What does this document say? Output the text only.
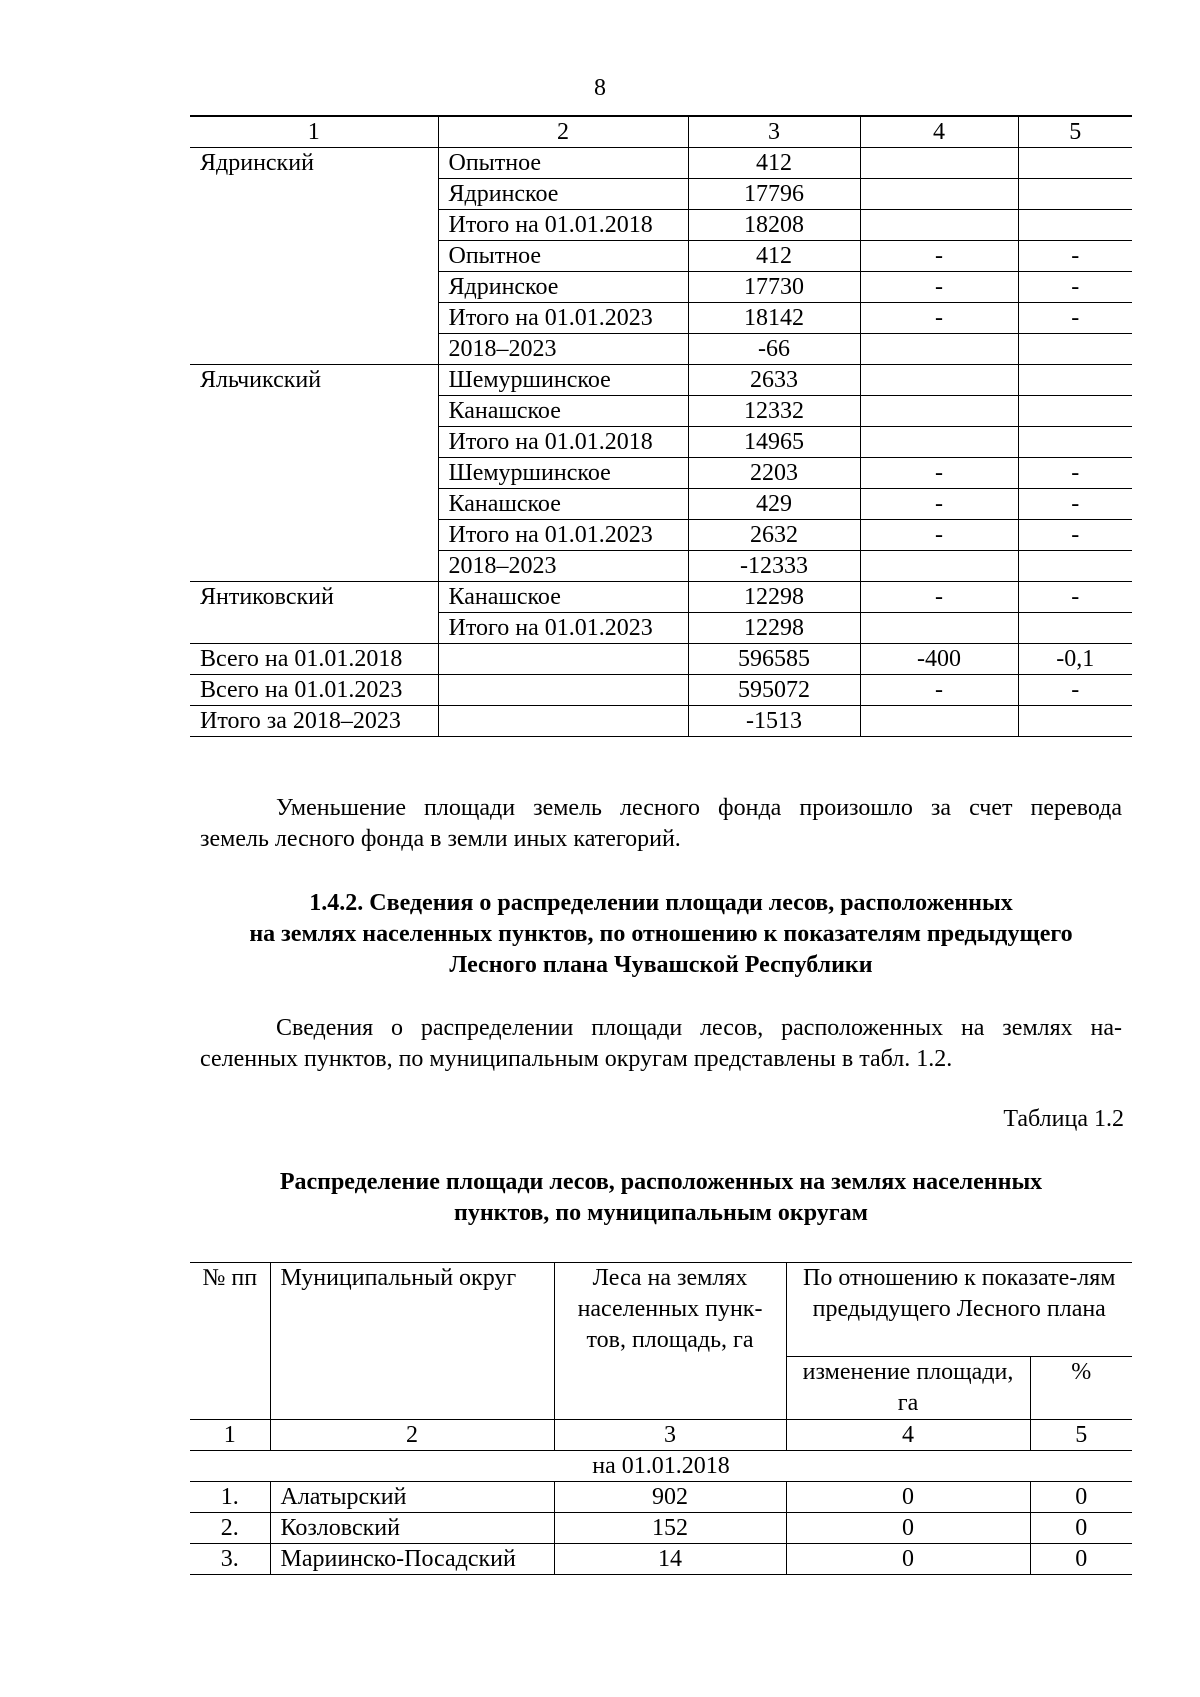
8
1	2	3	4	5
Ядринский	Опытное	412		
	Ядринское	17796		
	Итого на 01.01.2018	18208		
	Опытное	412	-	-
	Ядринское	17730	-	-
	Итого на 01.01.2023	18142	-	-
	2018–2023	-66		
Яльчикский	Шемуршинское	2633		
	Канашское	12332		
	Итого на 01.01.2018	14965		
	Шемуршинское	2203	-	-
	Канашское	429	-	-
	Итого на 01.01.2023	2632	-	-
	2018–2023	-12333		
Янтиковский	Канашское	12298	-	-
	Итого на 01.01.2023	12298		
Всего на 01.01.2018		596585	-400	-0,1
Всего на 01.01.2023		595072	-	-
Итого за 2018–2023		-1513		
Уменьшение площади земель лесного фонда произошло за счет перевода
земель лесного фонда в земли иных категорий.
1.4.2. Сведения о распределении площади лесов, расположенных
на землях населенных пунктов, по отношению к показателям предыдущего
Лесного плана Чувашской Республики
Сведения о распределении площади лесов, расположенных на землях на-
селенных пунктов, по муниципальным округам представлены в табл. 1.2.
Таблица 1.2
Распределение площади лесов, расположенных на землях населенных
пунктов, по муниципальным округам
№ пп	Муниципальный округ	Леса на землях населенных пунк-тов, площадь, га	По отношению к показате-лям предыдущего Лесного плана	
			изменение площади, га	%
1	2	3	4	5
на 01.01.2018				
1.	Алатырский	902	0	0
2.	Козловский	152	0	0
3.	Мариинско-Посадский	14	0	0
